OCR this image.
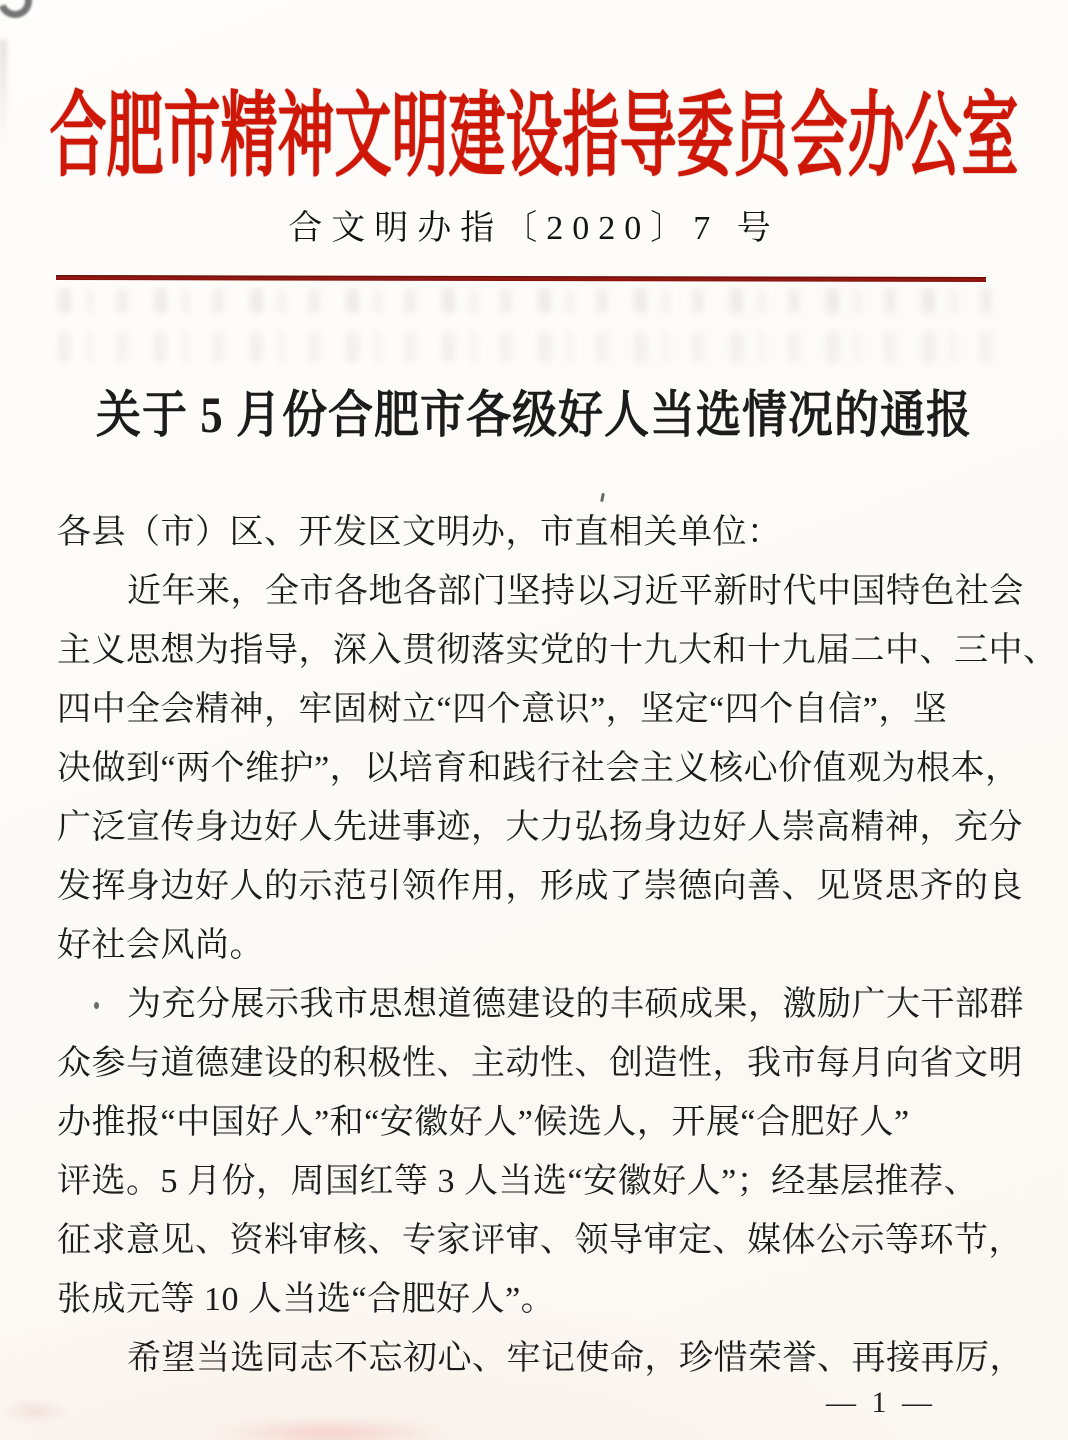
合肥市精神文明建设指导委员会办公室
合文明办指〔2020〕7 号
关于 5 月份合肥市各级好人当选情况的通报
各县（市）区、开发区文明办，市直相关单位：
近年来，全市各地各部门坚持以习近平新时代中国特色社会
主义思想为指导，深入贯彻落实党的十九大和十九届二中、三中、
四中全会精神，牢固树立“四个意识”，坚定“四个自信”，坚
决做到“两个维护”，以培育和践行社会主义核心价值观为根本，
广泛宣传身边好人先进事迹，大力弘扬身边好人崇高精神，充分
发挥身边好人的示范引领作用，形成了崇德向善、见贤思齐的良
好社会风尚。
为充分展示我市思想道德建设的丰硕成果，激励广大干部群
众参与道德建设的积极性、主动性、创造性，我市每月向省文明
办推报“中国好人”和“安徽好人”候选人，开展“合肥好人”
评选。5 月份，周国红等 3 人当选“安徽好人”；经基层推荐、
征求意见、资料审核、专家评审、领导审定、媒体公示等环节，
张成元等 10 人当选“合肥好人”。
希望当选同志不忘初心、牢记使命，珍惜荣誉、再接再厉，
— 1 —
